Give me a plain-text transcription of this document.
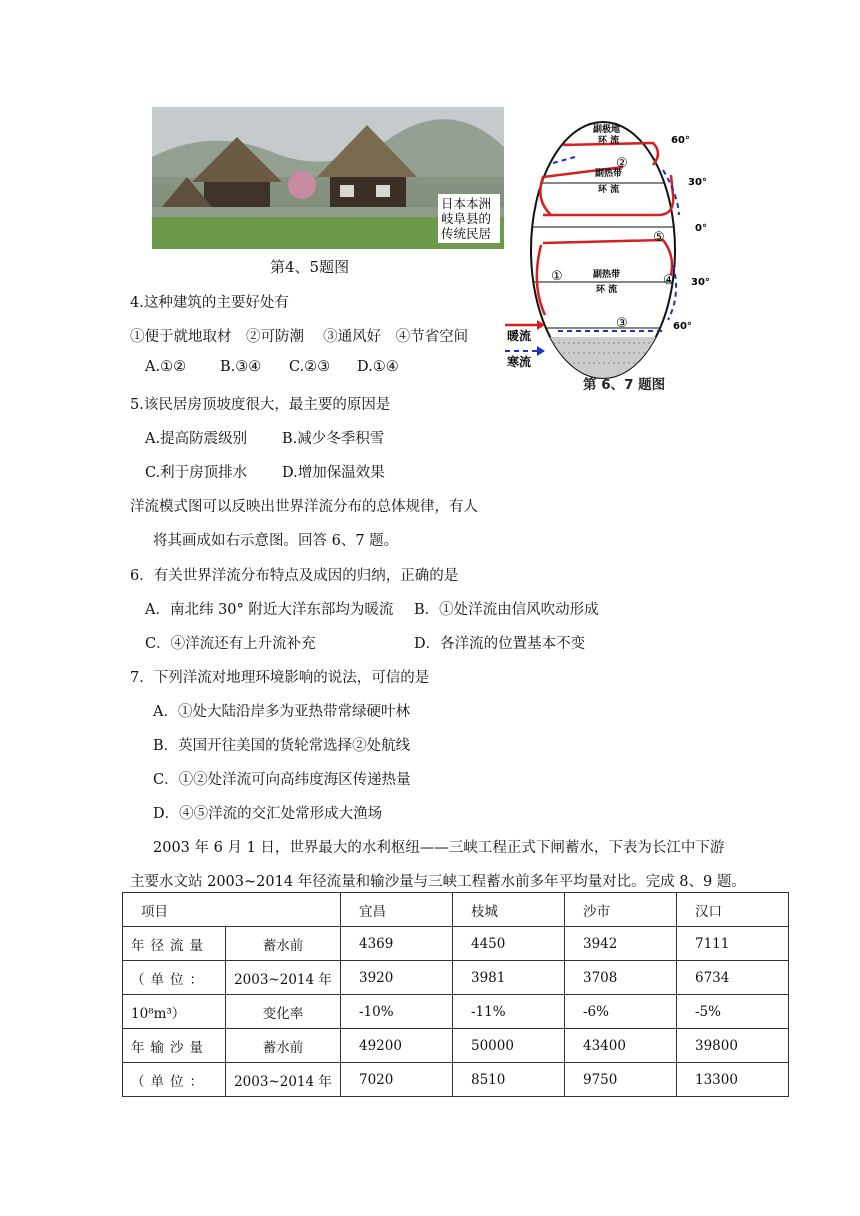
日本本洲
岐阜县的
传统民居
第4、5题图
副极地
环 流
副热带
环 流
副热带
环 流
①
②
③
④
⑤
60°
30°
0°
30°
60°
暖流
寒流
第 6、7 题图
4.这种建筑的主要好处有
①便于就地取材　②可防潮　 ③通风好　④节省空间
A.①② B.③④ C.②③ D.①④
5.该民居房顶坡度很大，最主要的原因是
A.提高防震级别 B.减少冬季积雪
C.利于房顶排水 D.增加保温效果
洋流模式图可以反映出世界洋流分布的总体规律，有人
将其画成如右示意图。回答 6、7 题。
6．有关世界洋流分布特点及成因的归纳，正确的是
A．南北纬 30° 附近大洋东部均为暖流 B．①处洋流由信风吹动形成
C．④洋流还有上升流补充	D．各洋流的位置基本不变
7．下列洋流对地理环境影响的说法，可信的是
A．①处大陆沿岸多为亚热带常绿硬叶林
B．英国开往美国的货轮常选择②处航线
C．①②处洋流可向高纬度海区传递热量
D．④⑤洋流的交汇处常形成大渔场
2003 年 6 月 1 日，世界最大的水利枢纽——三峡工程正式下闸蓄水，下表为长江中下游
主要水文站 2003~2014 年径流量和输沙量与三峡工程蓄水前多年平均量对比。完成 8、9 题。
项目		宜昌	枝城	沙市	汉口
年径流量	蓄水前	4369	4450	3942	7111
（单位：	2003~2014 年	3920	3981	3708	6734
10⁸m³）	变化率	-10%	-11%	-6%	-5%
年输沙量	蓄水前	49200	50000	43400	39800
（单位：	2003~2014 年	7020	8510	9750	13300
